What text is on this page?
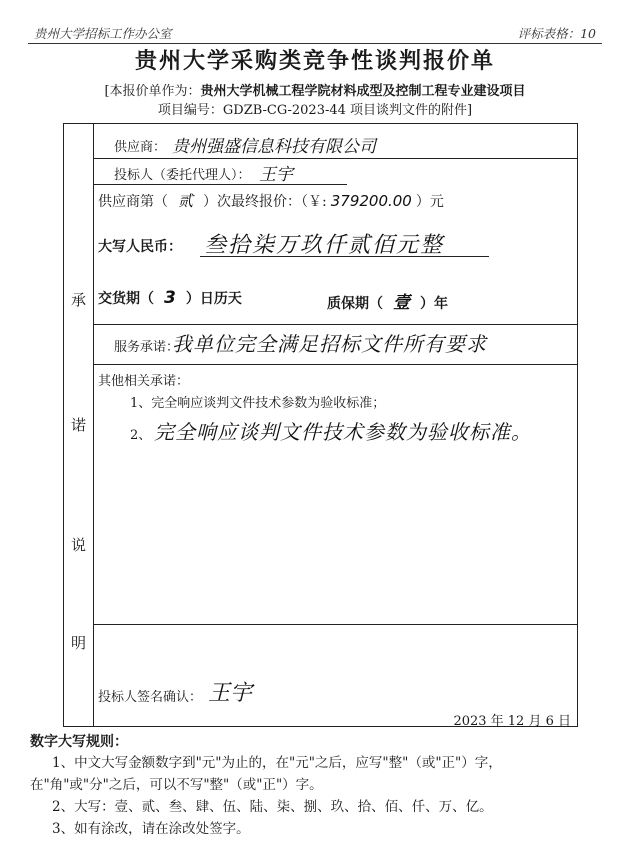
贵州大学招标工作办公室	评标表格：10
贵州大学采购类竞争性谈判报价单
[本报价单作为：贵州大学机械工程学院材料成型及控制工程专业建设项目
项目编号：GDZB-CG-2023-44 项目谈判文件的附件]
承
诺
说
明
供应商： 贵州强盛信息科技有限公司
投标人（委托代理人）： 王宇
供应商第（ 贰 ）次最终报价：（￥: 379200.00 ）元
大写人民币： 叁拾柒万玖仟贰佰元整
交货期（ 3 ）日历天	质保期（ 壹 ）年
服务承诺：
我单位完全满足招标文件所有要求
其他相关承诺：
1、完全响应谈判文件技术参数为验收标准；
2、 完全响应谈判文件技术参数为验收标准。
投标人签名确认： 王宇
2023 年 12 月 6 日
数字大写规则：
1、中文大写金额数字到"元"为止的，在"元"之后，应写"整"（或"正"）字，
在"角"或"分"之后，可以不写"整"（或"正"）字。
2、大写：壹、贰、叁、肆、伍、陆、柒、捌、玖、拾、佰、仟、万、亿。
3、如有涂改，请在涂改处签字。
